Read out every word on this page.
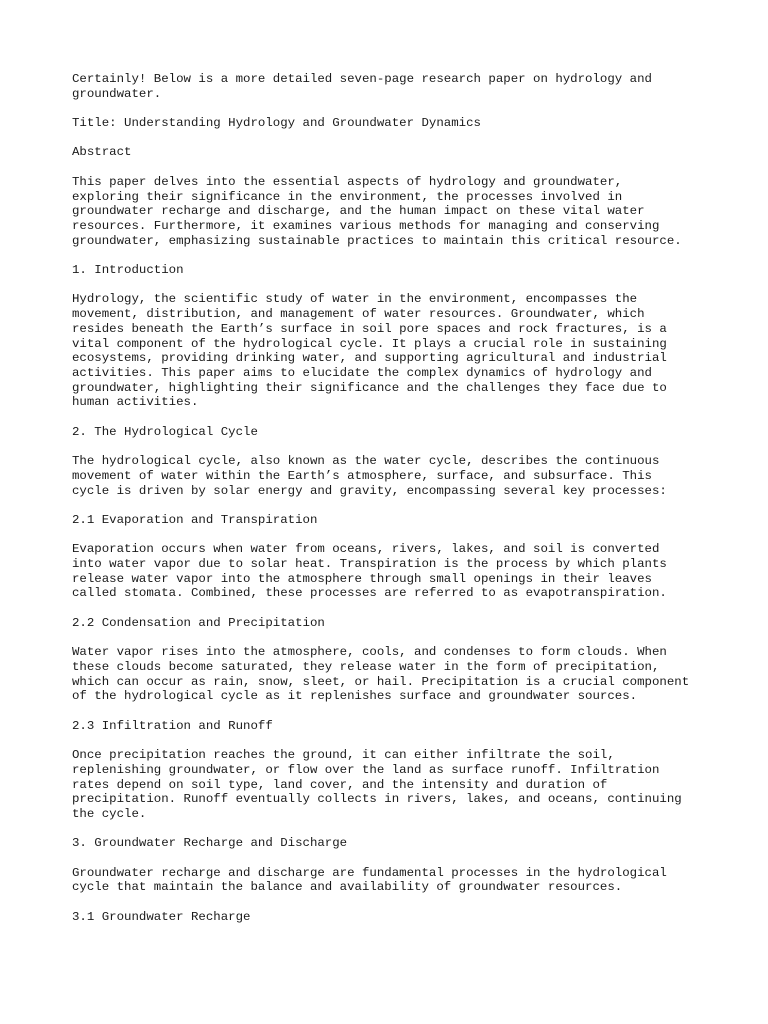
Certainly! Below is a more detailed seven-page research paper on hydrology and
groundwater.

Title: Understanding Hydrology and Groundwater Dynamics

Abstract

This paper delves into the essential aspects of hydrology and groundwater,
exploring their significance in the environment, the processes involved in
groundwater recharge and discharge, and the human impact on these vital water
resources. Furthermore, it examines various methods for managing and conserving
groundwater, emphasizing sustainable practices to maintain this critical resource.

1. Introduction

Hydrology, the scientific study of water in the environment, encompasses the
movement, distribution, and management of water resources. Groundwater, which
resides beneath the Earth’s surface in soil pore spaces and rock fractures, is a
vital component of the hydrological cycle. It plays a crucial role in sustaining
ecosystems, providing drinking water, and supporting agricultural and industrial
activities. This paper aims to elucidate the complex dynamics of hydrology and
groundwater, highlighting their significance and the challenges they face due to
human activities.

2. The Hydrological Cycle

The hydrological cycle, also known as the water cycle, describes the continuous
movement of water within the Earth’s atmosphere, surface, and subsurface. This
cycle is driven by solar energy and gravity, encompassing several key processes:

2.1 Evaporation and Transpiration

Evaporation occurs when water from oceans, rivers, lakes, and soil is converted
into water vapor due to solar heat. Transpiration is the process by which plants
release water vapor into the atmosphere through small openings in their leaves
called stomata. Combined, these processes are referred to as evapotranspiration.

2.2 Condensation and Precipitation

Water vapor rises into the atmosphere, cools, and condenses to form clouds. When
these clouds become saturated, they release water in the form of precipitation,
which can occur as rain, snow, sleet, or hail. Precipitation is a crucial component
of the hydrological cycle as it replenishes surface and groundwater sources.

2.3 Infiltration and Runoff

Once precipitation reaches the ground, it can either infiltrate the soil,
replenishing groundwater, or flow over the land as surface runoff. Infiltration
rates depend on soil type, land cover, and the intensity and duration of
precipitation. Runoff eventually collects in rivers, lakes, and oceans, continuing
the cycle.

3. Groundwater Recharge and Discharge

Groundwater recharge and discharge are fundamental processes in the hydrological
cycle that maintain the balance and availability of groundwater resources.

3.1 Groundwater Recharge
